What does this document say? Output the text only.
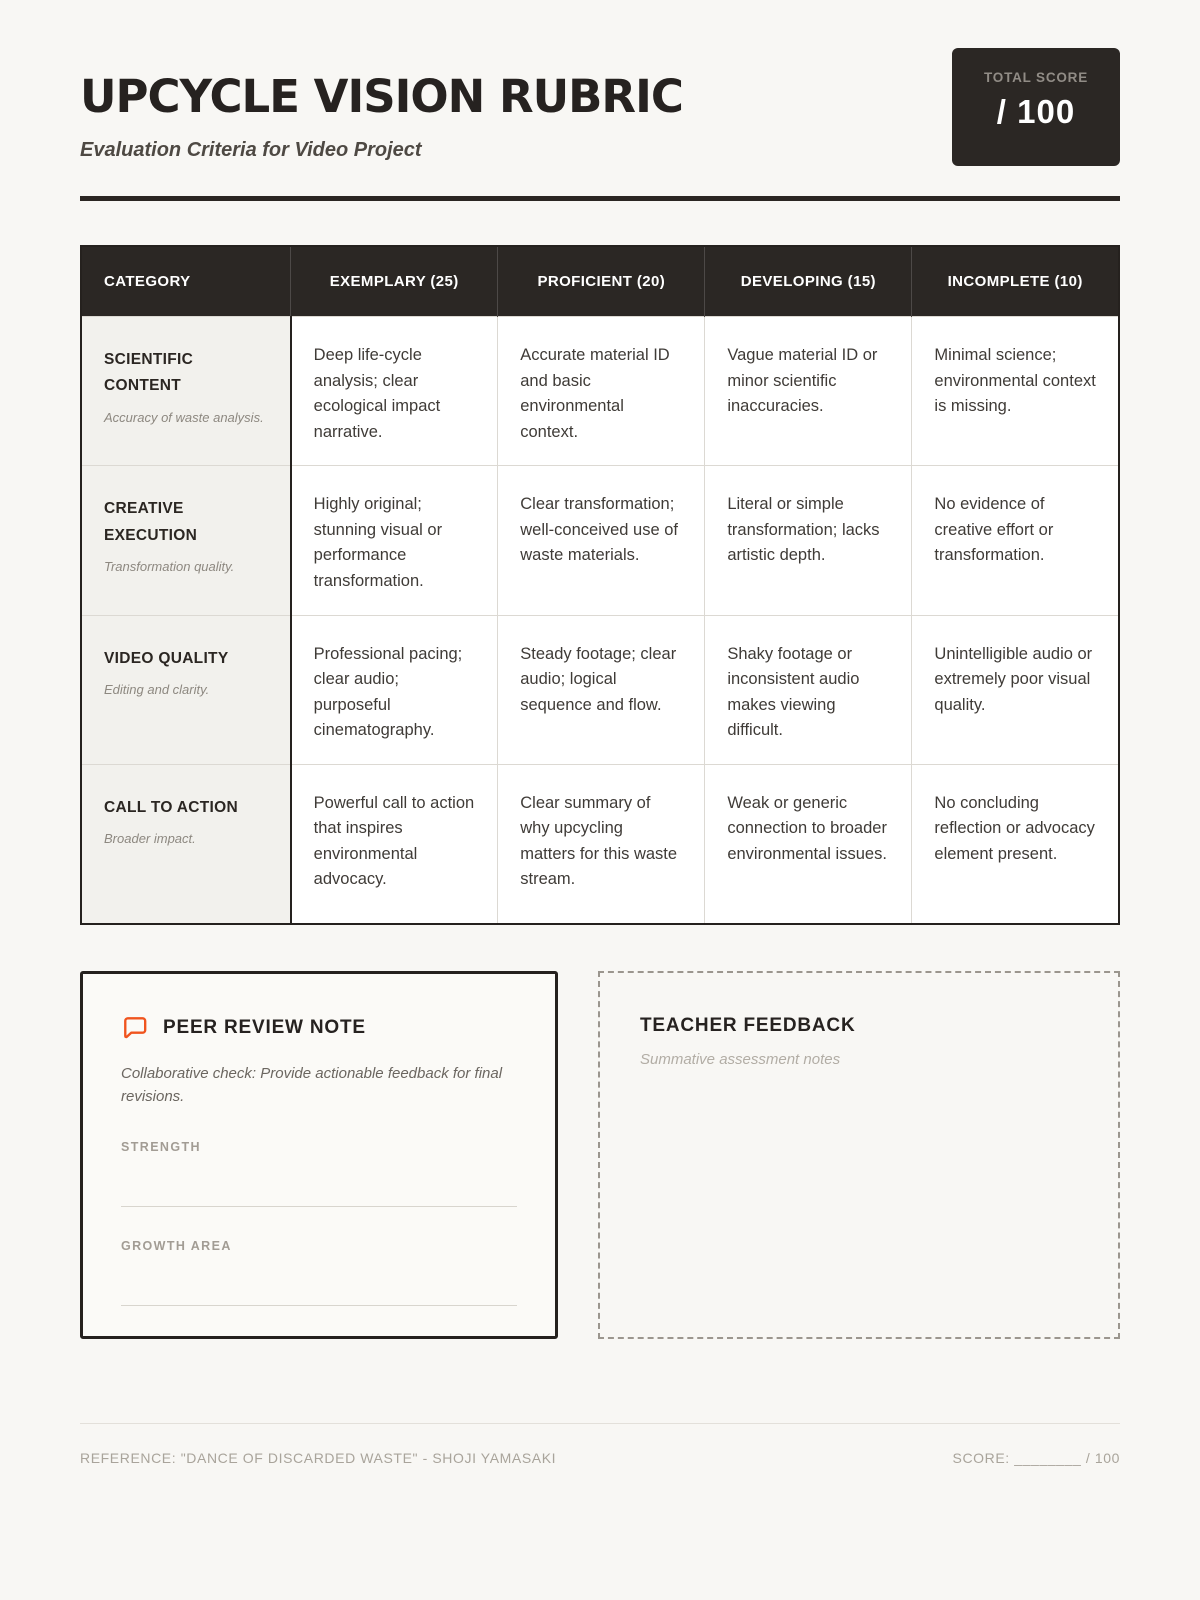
UPCYCLE VISION RUBRIC

Evaluation Criteria for Video Project

TOTAL SCORE
/ 100
CATEGORY	EXEMPLARY (25)	PROFICIENT (20)	DEVELOPING (15)	INCOMPLETE (10)

SCIENTIFIC CONTENT
Accuracy of waste analysis.	Deep life-cycle analysis; clear ecological impact narrative.	Accurate material ID and basic environmental context.	Vague material ID or minor scientific inaccuracies.	Minimal science; environmental context is missing.

CREATIVE EXECUTION
Transformation quality.	Highly original; stunning visual or performance transformation.	Clear transformation; well-conceived use of waste materials.	Literal or simple transformation; lacks artistic depth.	No evidence of creative effort or transformation.

VIDEO QUALITY
Editing and clarity.	Professional pacing; clear audio; purposeful cinematography.	Steady footage; clear audio; logical sequence and flow.	Shaky footage or inconsistent audio makes viewing difficult.	Unintelligible audio or extremely poor visual quality.

CALL TO ACTION
Broader impact.	Powerful call to action that inspires environmental advocacy.	Clear summary of why upcycling matters for this waste stream.	Weak or generic connection to broader environmental issues.	No concluding reflection or advocacy element present.
PEER REVIEW NOTE

Collaborative check: Provide actionable feedback for final revisions.

STRENGTH
GROWTH AREA
TEACHER FEEDBACK

Summative assessment notes

REFERENCE: "DANCE OF DISCARDED WASTE" - SHOJI YAMASAKI	SCORE: ________ / 100
